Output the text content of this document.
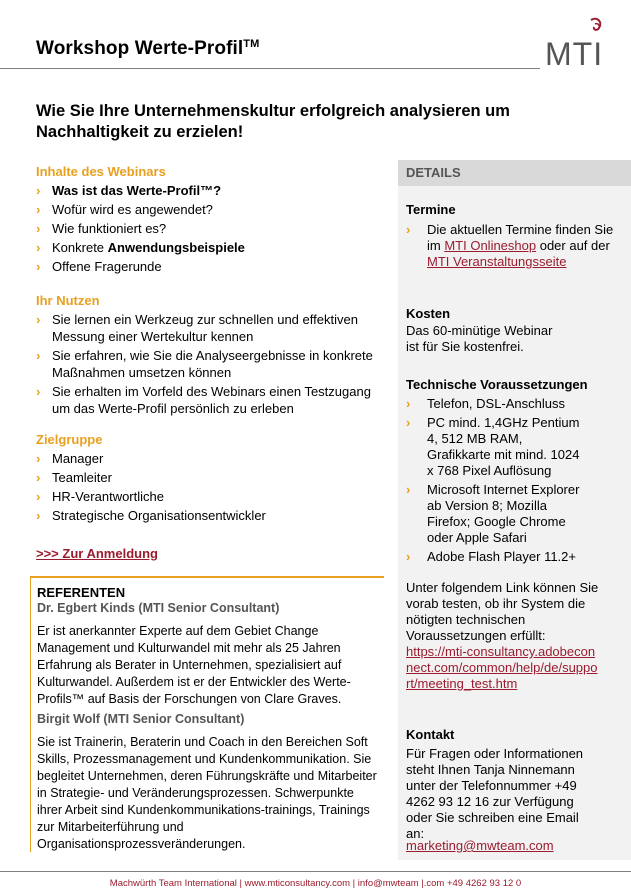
Workshop Werte-Profil™	MTI
Wie Sie Ihre Unternehmenskultur erfolgreich analysieren um Nachhaltigkeit zu erzielen!
Inhalte des Webinars
› Was ist das Werte-Profil™?
› Wofür wird es angewendet?
› Wie funktioniert es?
› Konkrete Anwendungsbeispiele
› Offene Fragerunde
Ihr Nutzen
› Sie lernen ein Werkzeug zur schnellen und effektiven Messung einer Wertekultur kennen
› Sie erfahren, wie Sie die Analyseergebnisse in konkrete Maßnahmen umsetzen können
› Sie erhalten im Vorfeld des Webinars einen Testzugang um das Werte-Profil persönlich zu erleben
Zielgruppe
› Manager
› Teamleiter
› HR-Verantwortliche
› Strategische Organisationsentwickler
>>> Zur Anmeldung
REFERENTEN
Dr. Egbert Kinds (MTI Senior Consultant)
Er ist anerkannter Experte auf dem Gebiet Change Management und Kulturwandel mit mehr als 25 Jahren Erfahrung als Berater in Unternehmen, spezialisiert auf Kulturwandel. Außerdem ist er der Entwickler des Werte-Profils™ auf Basis der Forschungen von Clare Graves.
Birgit Wolf (MTI Senior Consultant)
Sie ist Trainerin, Beraterin und Coach in den Bereichen Soft Skills, Prozessmanagement und Kundenkommunikation. Sie begleitet Unternehmen, deren Führungskräfte und Mitarbeiter in Strategie- und Veränderungsprozessen. Schwerpunkte ihrer Arbeit sind Kundenkommunikations-trainings, Trainings zur Mitarbeiterführung und Organisationsprozessveränderungen.
DETAILS
Termine
› Die aktuellen Termine finden Sie im MTI Onlineshop oder auf der MTI Veranstaltungsseite
Kosten
Das 60-minütige Webinar ist für Sie kostenfrei.
Technische Voraussetzungen
› Telefon, DSL-Anschluss
› PC mind. 1,4GHz Pentium 4, 512 MB RAM, Grafikkarte mit mind. 1024 x 768 Pixel Auflösung
› Microsoft Internet Explorer ab Version 8; Mozilla Firefox; Google Chrome oder Apple Safari
› Adobe Flash Player 11.2+
Unter folgendem Link können Sie vorab testen, ob ihr System die nötigten technischen Voraussetzungen erfüllt:
https://mti-consultancy.adobeconnect.com/common/help/de/support/meeting_test.htm
Kontakt
Für Fragen oder Informationen steht Ihnen Tanja Ninnemann unter der Telefonnummer +49 4262 93 12 16 zur Verfügung oder Sie schreiben eine Email an:
marketing@mwteam.com
Machwürth Team International | www.mticonsultancy.com | info@mwteam |.com +49 4262 93 12 0
